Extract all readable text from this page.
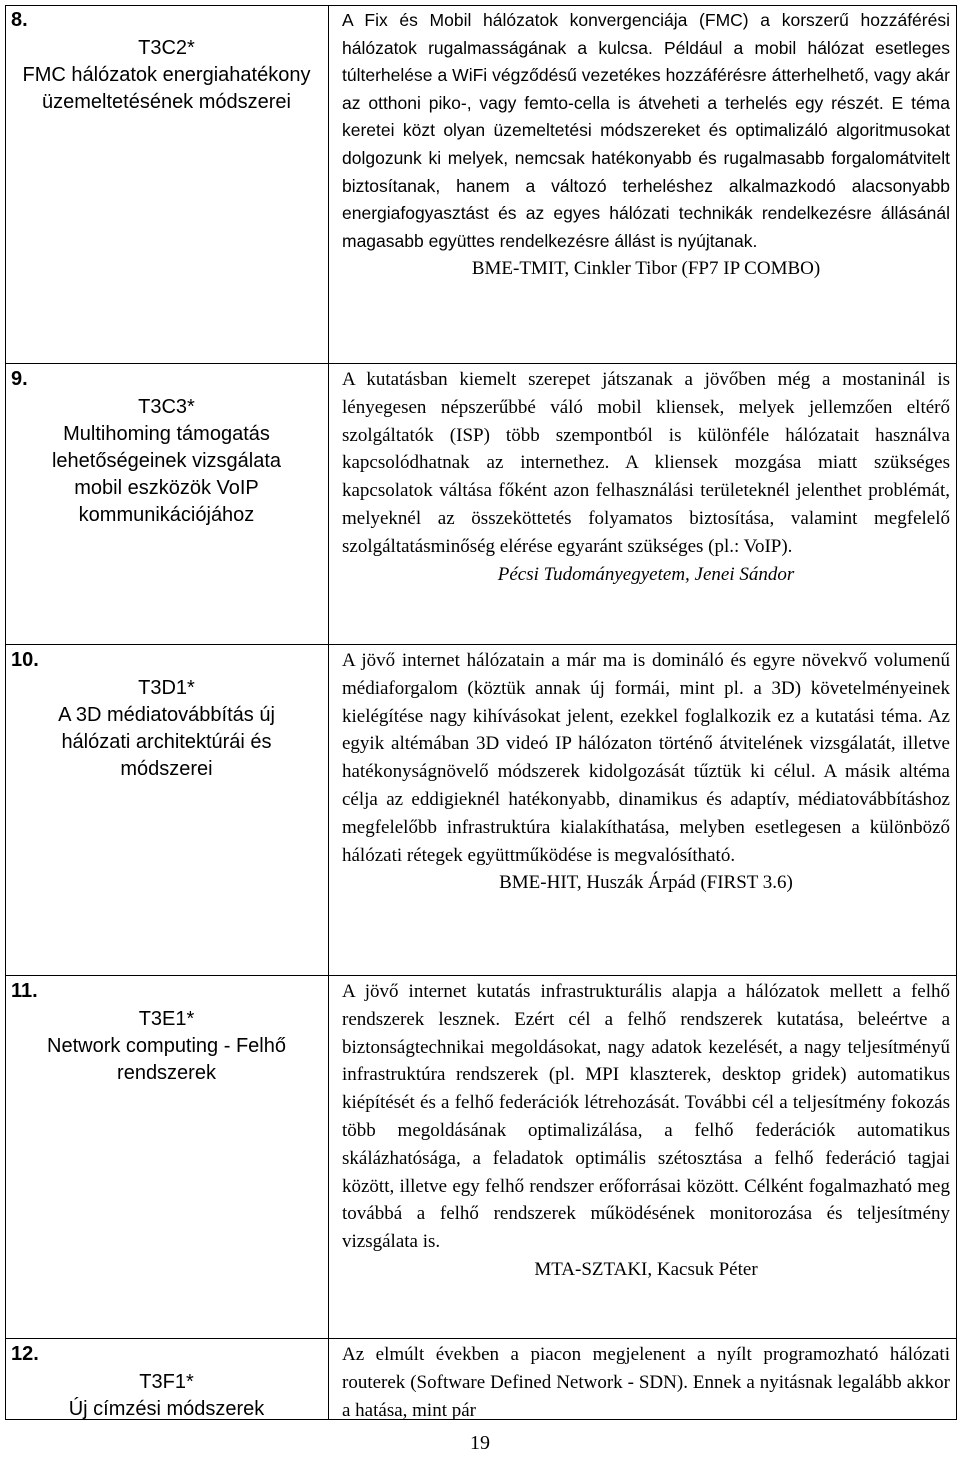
8.
T3C2*
FMC hálózatok energiahatékony üzemeltetésének módszerei

A Fix és Mobil hálózatok konvergenciája (FMC) a korszerű hozzáférési hálózatok rugalmasságának a kulcsa. Például a mobil hálózat esetleges túlterhelése a WiFi végződésű vezetékes hozzáférésre átterhelhető, vagy akár az otthoni piko-, vagy femto-cella is átveheti a terhelés egy részét. E téma keretei közt olyan üzemeltetési módszereket és optimalizáló algoritmusokat dolgozunk ki melyek, nemcsak hatékonyabb és rugalmasabb forgalomátvitelt biztosítanak, hanem a változó terheléshez alkalmazkodó alacsonyabb energiafogyasztást és az egyes hálózati technikák rendelkezésre állásánál magasabb együttes rendelkezésre állást is nyújtanak.

BME-TMIT, Cinkler Tibor (FP7 IP COMBO)
9.
T3C3*
Multihoming támogatás lehetőségeinek vizsgálata mobil eszközök VoIP kommunikációjához

A kutatásban kiemelt szerepet játszanak a jövőben még a mostaninál is lényegesen népszerűbbé váló mobil kliensek, melyek jellemzően eltérő szolgáltatók (ISP) több szempontból is különféle hálózatait használva kapcsolódhatnak az internethez. A kliensek mozgása miatt szükséges kapcsolatok váltása főként azon felhasználási területeknél jelenthet problémát, melyeknél az összeköttetés folyamatos biztosítása, valamint megfelelő szolgáltatásminőség elérése egyaránt szükséges (pl.: VoIP).

Pécsi Tudományegyetem, Jenei Sándor
10.
T3D1*
A 3D médiatovábbítás új hálózati architektúrái és módszerei

A jövő internet hálózatain a már ma is domináló és egyre növekvő volumenű médiaforgalom (köztük annak új formái, mint pl. a 3D) követelményeinek kielégítése nagy kihívásokat jelent, ezekkel foglalkozik ez a kutatási téma. Az egyik altémában 3D videó IP hálózaton történő átvitelének vizsgálatát, illetve hatékonyságnövelő módszerek kidolgozását tűztük ki célul. A másik altéma célja az eddigieknél hatékonyabb, dinamikus és adaptív, médiatovábbításhoz megfelelőbb infrastruktúra kialakíthatása, melyben esetlegesen a különböző hálózati rétegek együttműködése is megvalósítható.

BME-HIT, Huszák Árpád (FIRST 3.6)
11.
T3E1*
Network computing - Felhő rendszerek

A jövő internet kutatás infrastrukturális alapja a hálózatok mellett a felhő rendszerek lesznek. Ezért cél a felhő rendszerek kutatása, beleértve a biztonságtechnikai megoldásokat, nagy adatok kezelését, a nagy teljesítményű infrastruktúra rendszerek (pl. MPI klaszterek, desktop gridek) automatikus kiépítését és a felhő federációk létrehozását. További cél a teljesítmény fokozás több megoldásának optimalizálása, a felhő federációk automatikus skálázhatósága, a feladatok optimális szétosztása a felhő federáció tagjai között, illetve egy felhő rendszer erőforrásai között. Célként fogalmazható meg továbbá a felhő rendszerek működésének monitorozása és teljesítmény vizsgálata is.

MTA-SZTAKI, Kacsuk Péter
12.
T3F1*
Új címzési módszerek

Az elmúlt években a piacon megjelenent a nyílt programozható hálózati routerek (Software Defined Network - SDN). Ennek a nyitásnak legalább akkor a hatása, mint pár

19
